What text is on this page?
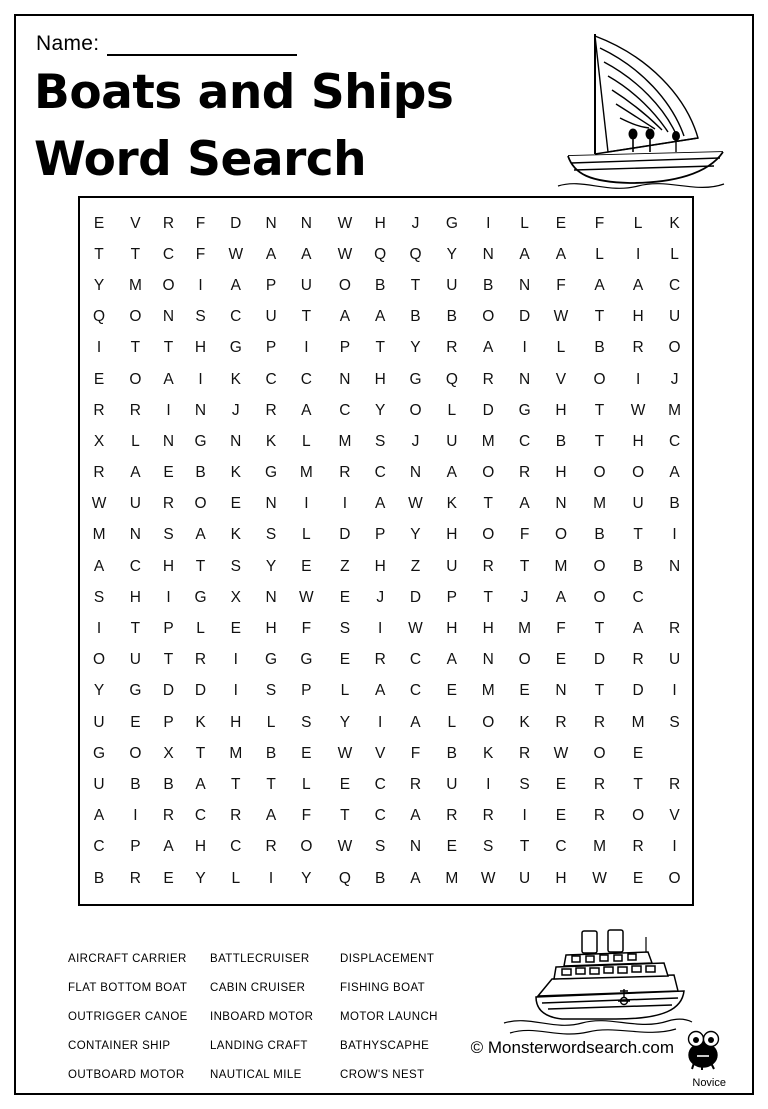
Name:
Boats and Ships
Word Search
E	V	R	F	D	N	N	W	H	J	G	I	L	E	F	L	K
T	T	C	F	W	A	A	W	Q	Q	Y	N	A	A	L	I	L
Y	M	O	I	A	P	U	O	B	T	U	B	N	F	A	A	C
Q	O	N	S	C	U	T	A	A	B	B	O	D	W	T	H	U
I	T	T	H	G	P	I	P	T	Y	R	A	I	L	B	R	O
E	O	A	I	K	C	C	N	H	G	Q	R	N	V	O	I	J
R	R	I	N	J	R	A	C	Y	O	L	D	G	H	T	W	M
X	L	N	G	N	K	L	M	S	J	U	M	C	B	T	H	C
R	A	E	B	K	G	M	R	C	N	A	O	R	H	O	O	A
W	U	R	O	E	N	I	I	A	W	K	T	A	N	M	U	B
M	N	S	A	K	S	L	D	P	Y	H	O	F	O	B	T	I
A	C	H	T	S	Y	E	Z	H	Z	U	R	T	M	O	B	N
S	H	I	G	X	N	W	E	J	D	P	T	J	A	O	C	
I	T	P	L	E	H	F	S	I	W	H	H	M	F	T	A	R
O	U	T	R	I	G	G	E	R	C	A	N	O	E	D	R	U
Y	G	D	D	I	S	P	L	A	C	E	M	E	N	T	D	I
U	E	P	K	H	L	S	Y	I	A	L	O	K	R	R	M	S
G	O	X	T	M	B	E	W	V	F	B	K	R	W	O	E	
U	B	B	A	T	T	L	E	C	R	U	I	S	E	R	T	R
A	I	R	C	R	A	F	T	C	A	R	R	I	E	R	O	V
C	P	A	H	C	R	O	W	S	N	E	S	T	C	M	R	I
B	R	E	Y	L	I	Y	Q	B	A	M	W	U	H	W	E	O
AIRCRAFT CARRIER	BATTLECRUISER	DISPLACEMENT
FLAT BOTTOM BOAT	CABIN CRUISER	FISHING BOAT
OUTRIGGER CANOE	INBOARD MOTOR	MOTOR LAUNCH
CONTAINER SHIP	LANDING CRAFT	BATHYSCAPHE
OUTBOARD MOTOR	NAUTICAL MILE	CROW'S NEST
© Monsterwordsearch.com
Novice
